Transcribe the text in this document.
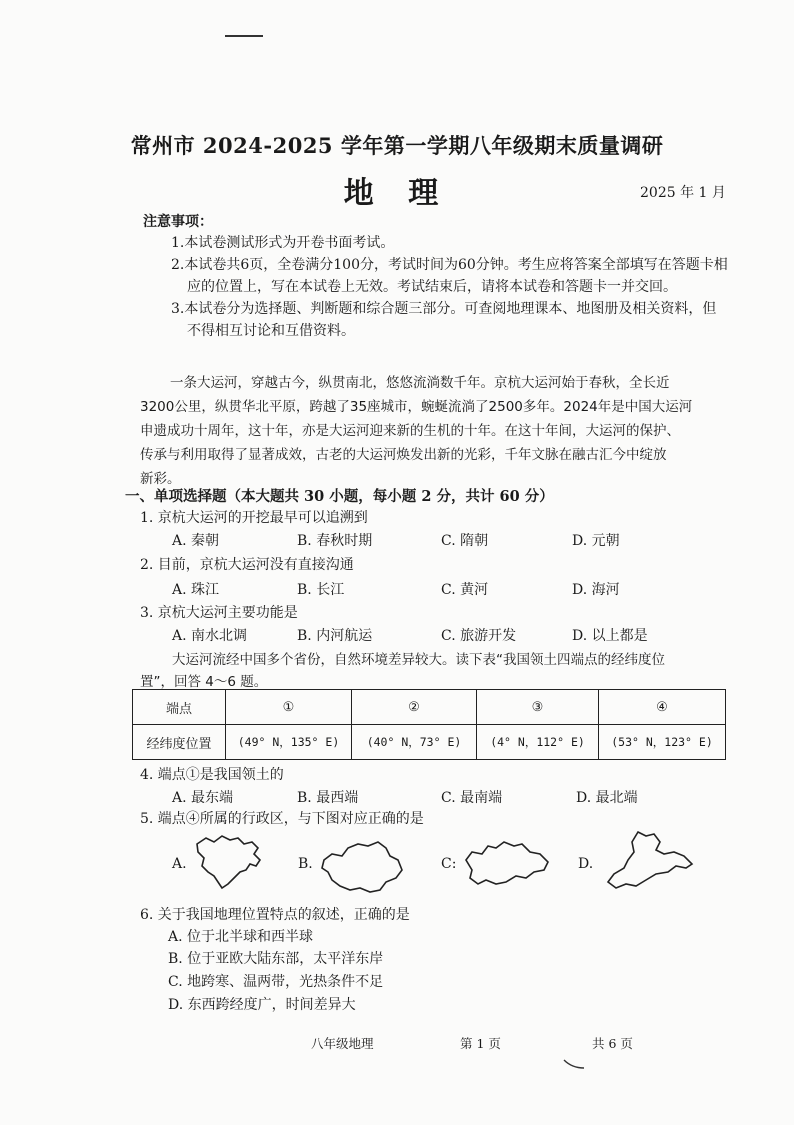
常州市 2024-2025 学年第一学期八年级期末质量调研
地 理	2025 年 1 月
注意事项：
1.本试卷测试形式为开卷书面考试。
2.本试卷共6页，全卷满分100分，考试时间为60分钟。考生应将答案全部填写在答题卡相
应的位置上，写在本试卷上无效。考试结束后，请将本试卷和答题卡一并交回。
3.本试卷分为选择题、判断题和综合题三部分。可查阅地理课本、地图册及相关资料，但
不得相互讨论和互借资料。
一条大运河，穿越古今，纵贯南北，悠悠流淌数千年。京杭大运河始于春秋，全长近
3200公里，纵贯华北平原，跨越了35座城市，蜿蜒流淌了2500多年。2024年是中国大运河
申遗成功十周年，这十年，亦是大运河迎来新的生机的十年。在这十年间，大运河的保护、
传承与利用取得了显著成效，古老的大运河焕发出新的光彩，千年文脉在融古汇今中绽放
新彩。
一、单项选择题（本大题共 30 小题，每小题 2 分，共计 60 分）
1. 京杭大运河的开挖最早可以追溯到
A. 秦朝	B. 春秋时期	C. 隋朝	D. 元朝
2. 目前，京杭大运河没有直接沟通
A. 珠江	B. 长江	C. 黄河	D. 海河
3. 京杭大运河主要功能是
A. 南水北调	B. 内河航运	C. 旅游开发	D. 以上都是
大运河流经中国多个省份，自然环境差异较大。读下表“我国领土四端点的经纬度位
置”，回答 4～6 题。
端点	①	②	③	④
经纬度位置	(49° N，135° E)	(40° N，73° E)	(4° N，112° E)	(53° N，123° E)
4. 端点①是我国领土的
A. 最东端	B. 最西端	C. 最南端	D. 最北端
5. 端点④所属的行政区，与下图对应正确的是
A.	B.	C:	D.
6. 关于我国地理位置特点的叙述，正确的是
A. 位于北半球和西半球
B. 位于亚欧大陆东部，太平洋东岸
C. 地跨寒、温两带，光热条件不足
D. 东西跨经度广，时间差异大
八年级地理	第 1 页	共 6 页
